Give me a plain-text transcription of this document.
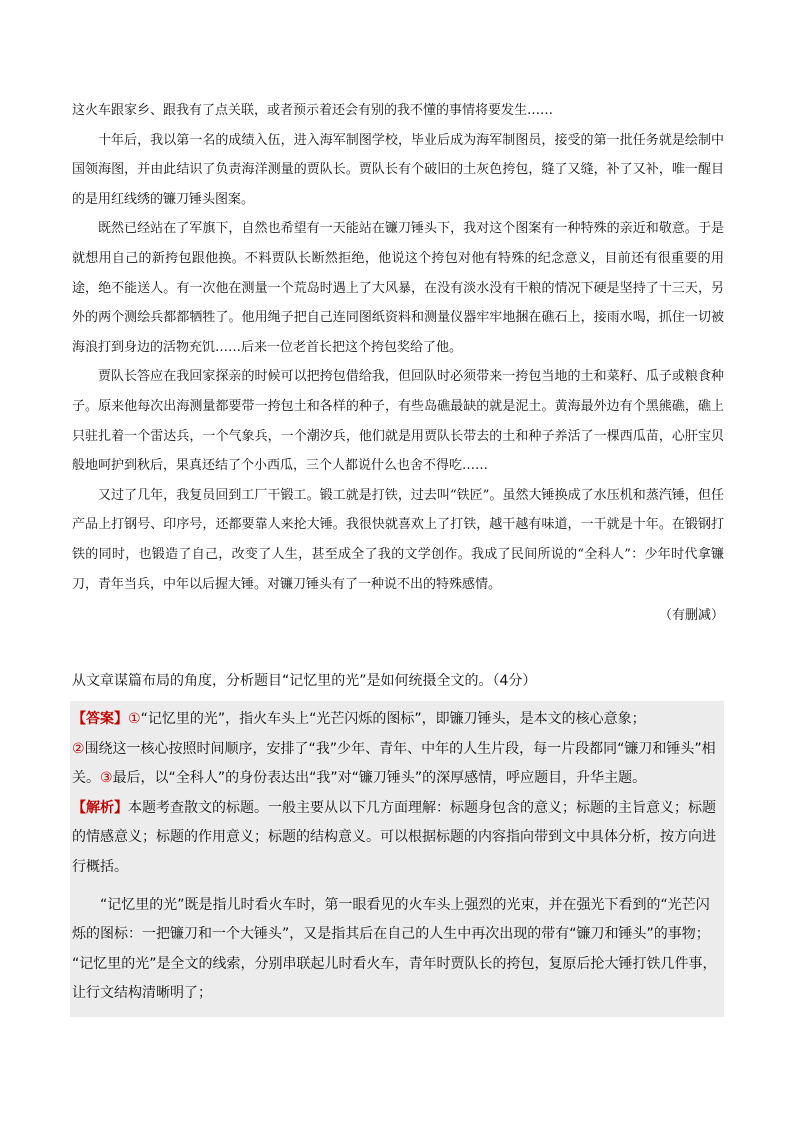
这火车跟家乡、跟我有了点关联，或者预示着还会有别的我不懂的事情将要发生……

十年后，我以第一名的成绩入伍，进入海军制图学校，毕业后成为海军制图员，接受的第一批任务就是绘制中国领海图，并由此结识了负责海洋测量的贾队长。贾队长有个破旧的土灰色挎包，缝了又缝，补了又补，唯一醒目的是用红线绣的镰刀锤头图案。

既然已经站在了军旗下，自然也希望有一天能站在镰刀锤头下，我对这个图案有一种特殊的亲近和敬意。于是就想用自己的新挎包跟他换。不料贾队长断然拒绝，他说这个挎包对他有特殊的纪念意义，目前还有很重要的用途，绝不能送人。有一次他在测量一个荒岛时遇上了大风暴，在没有淡水没有干粮的情况下硬是坚持了十三天，另外的两个测绘兵都都牺牲了。他用绳子把自己连同图纸资料和测量仪器牢牢地捆在礁石上，接雨水喝，抓住一切被海浪打到身边的活物充饥……后来一位老首长把这个挎包奖给了他。

贾队长答应在我回家探亲的时候可以把挎包借给我，但回队时必须带来一挎包当地的土和菜籽、瓜子或粮食种子。原来他每次出海测量都要带一挎包土和各样的种子，有些岛礁最缺的就是泥土。黄海最外边有个黑熊礁，礁上只驻扎着一个雷达兵，一个气象兵，一个潮汐兵，他们就是用贾队长带去的土和种子养活了一棵西瓜苗，心肝宝贝般地呵护到秋后，果真还结了个小西瓜，三个人都说什么也舍不得吃……

又过了几年，我复员回到工厂干锻工。锻工就是打铁，过去叫“铁匠”。虽然大锤换成了水压机和蒸汽锤，但任产品上打钢号、印序号，还都要靠人来抡大锤。我很快就喜欢上了打铁，越干越有味道，一干就是十年。在锻钢打铁的同时，也锻造了自己，改变了人生，甚至成全了我的文学创作。我成了民间所说的“全科人”：少年时代拿镰刀，青年当兵，中年以后握大锤。对镰刀锤头有了一种说不出的特殊感情。

（有删减）

从文章谋篇布局的角度，分析题目“记忆里的光”是如何统摄全文的。（4分）

【答案】①“记忆里的光”，指火车头上“光芒闪烁的图标”，即镰刀锤头，是本文的核心意象；

②围绕这一核心按照时间顺序，安排了“我”少年、青年、中年的人生片段，每一片段都同“镰刀和锤头”相关。③最后，以“全科人”的身份表达出“我”对“镰刀锤头”的深厚感情，呼应题目，升华主题。

【解析】本题考查散文的标题。一般主要从以下几方面理解：标题身包含的意义；标题的主旨意义；标题的情感意义；标题的作用意义；标题的结构意义。可以根据标题的内容指向带到文中具体分析，按方向进行概括。

“记忆里的光”既是指儿时看火车时，第一眼看见的火车头上强烈的光束，并在强光下看到的“光芒闪烁的图标：一把镰刀和一个大锤头”，又是指其后在自己的人生中再次出现的带有“镰刀和锤头”的事物；

“记忆里的光”是全文的线索，分别串联起儿时看火车，青年时贾队长的挎包，复原后抡大锤打铁几件事，让行文结构清晰明了；
